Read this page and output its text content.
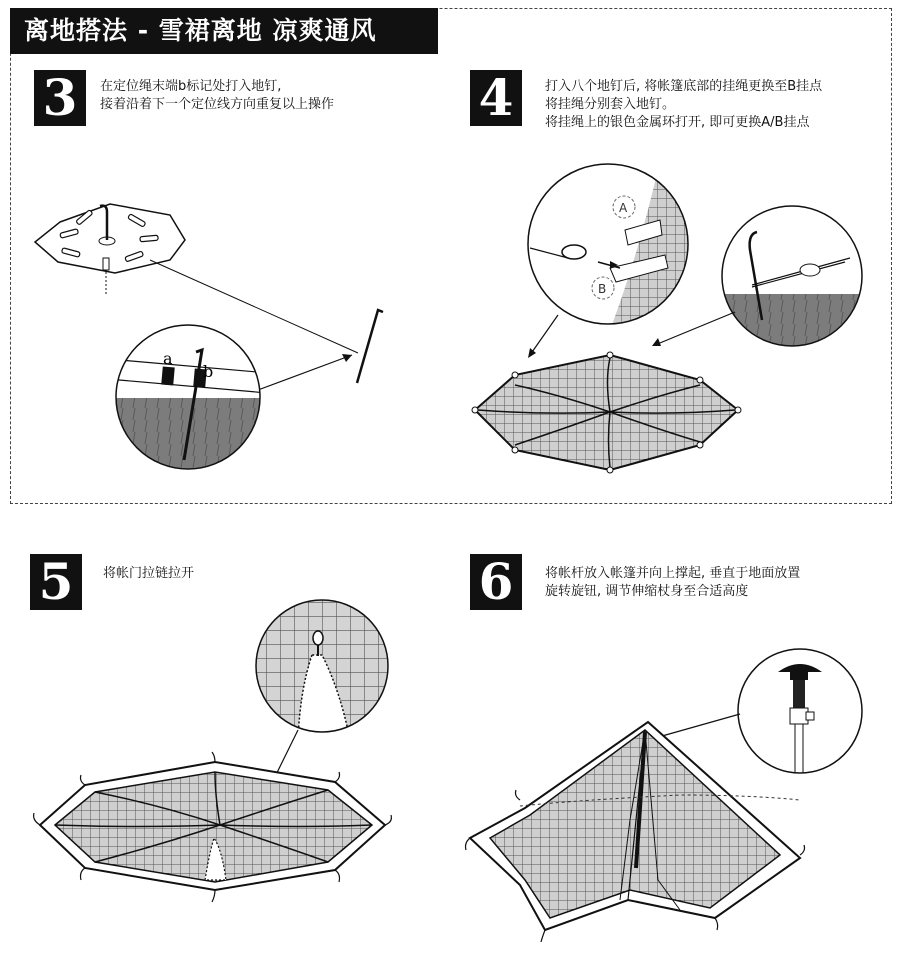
离地搭法 - 雪裙离地 凉爽通风
3	在定位绳末端b标记处打入地钉,
接着沿着下一个定位线方向重复以上操作	4	打入八个地钉后, 将帐篷底部的挂绳更换至B挂点
将挂绳分别套入地钉。
将挂绳上的银色金属环打开, 即可更换A/B挂点
5	将帐门拉链拉开	6	将帐杆放入帐篷并向上撑起, 垂直于地面放置
旋转旋钮, 调节伸缩杖身至合适高度
a
b
A
B
